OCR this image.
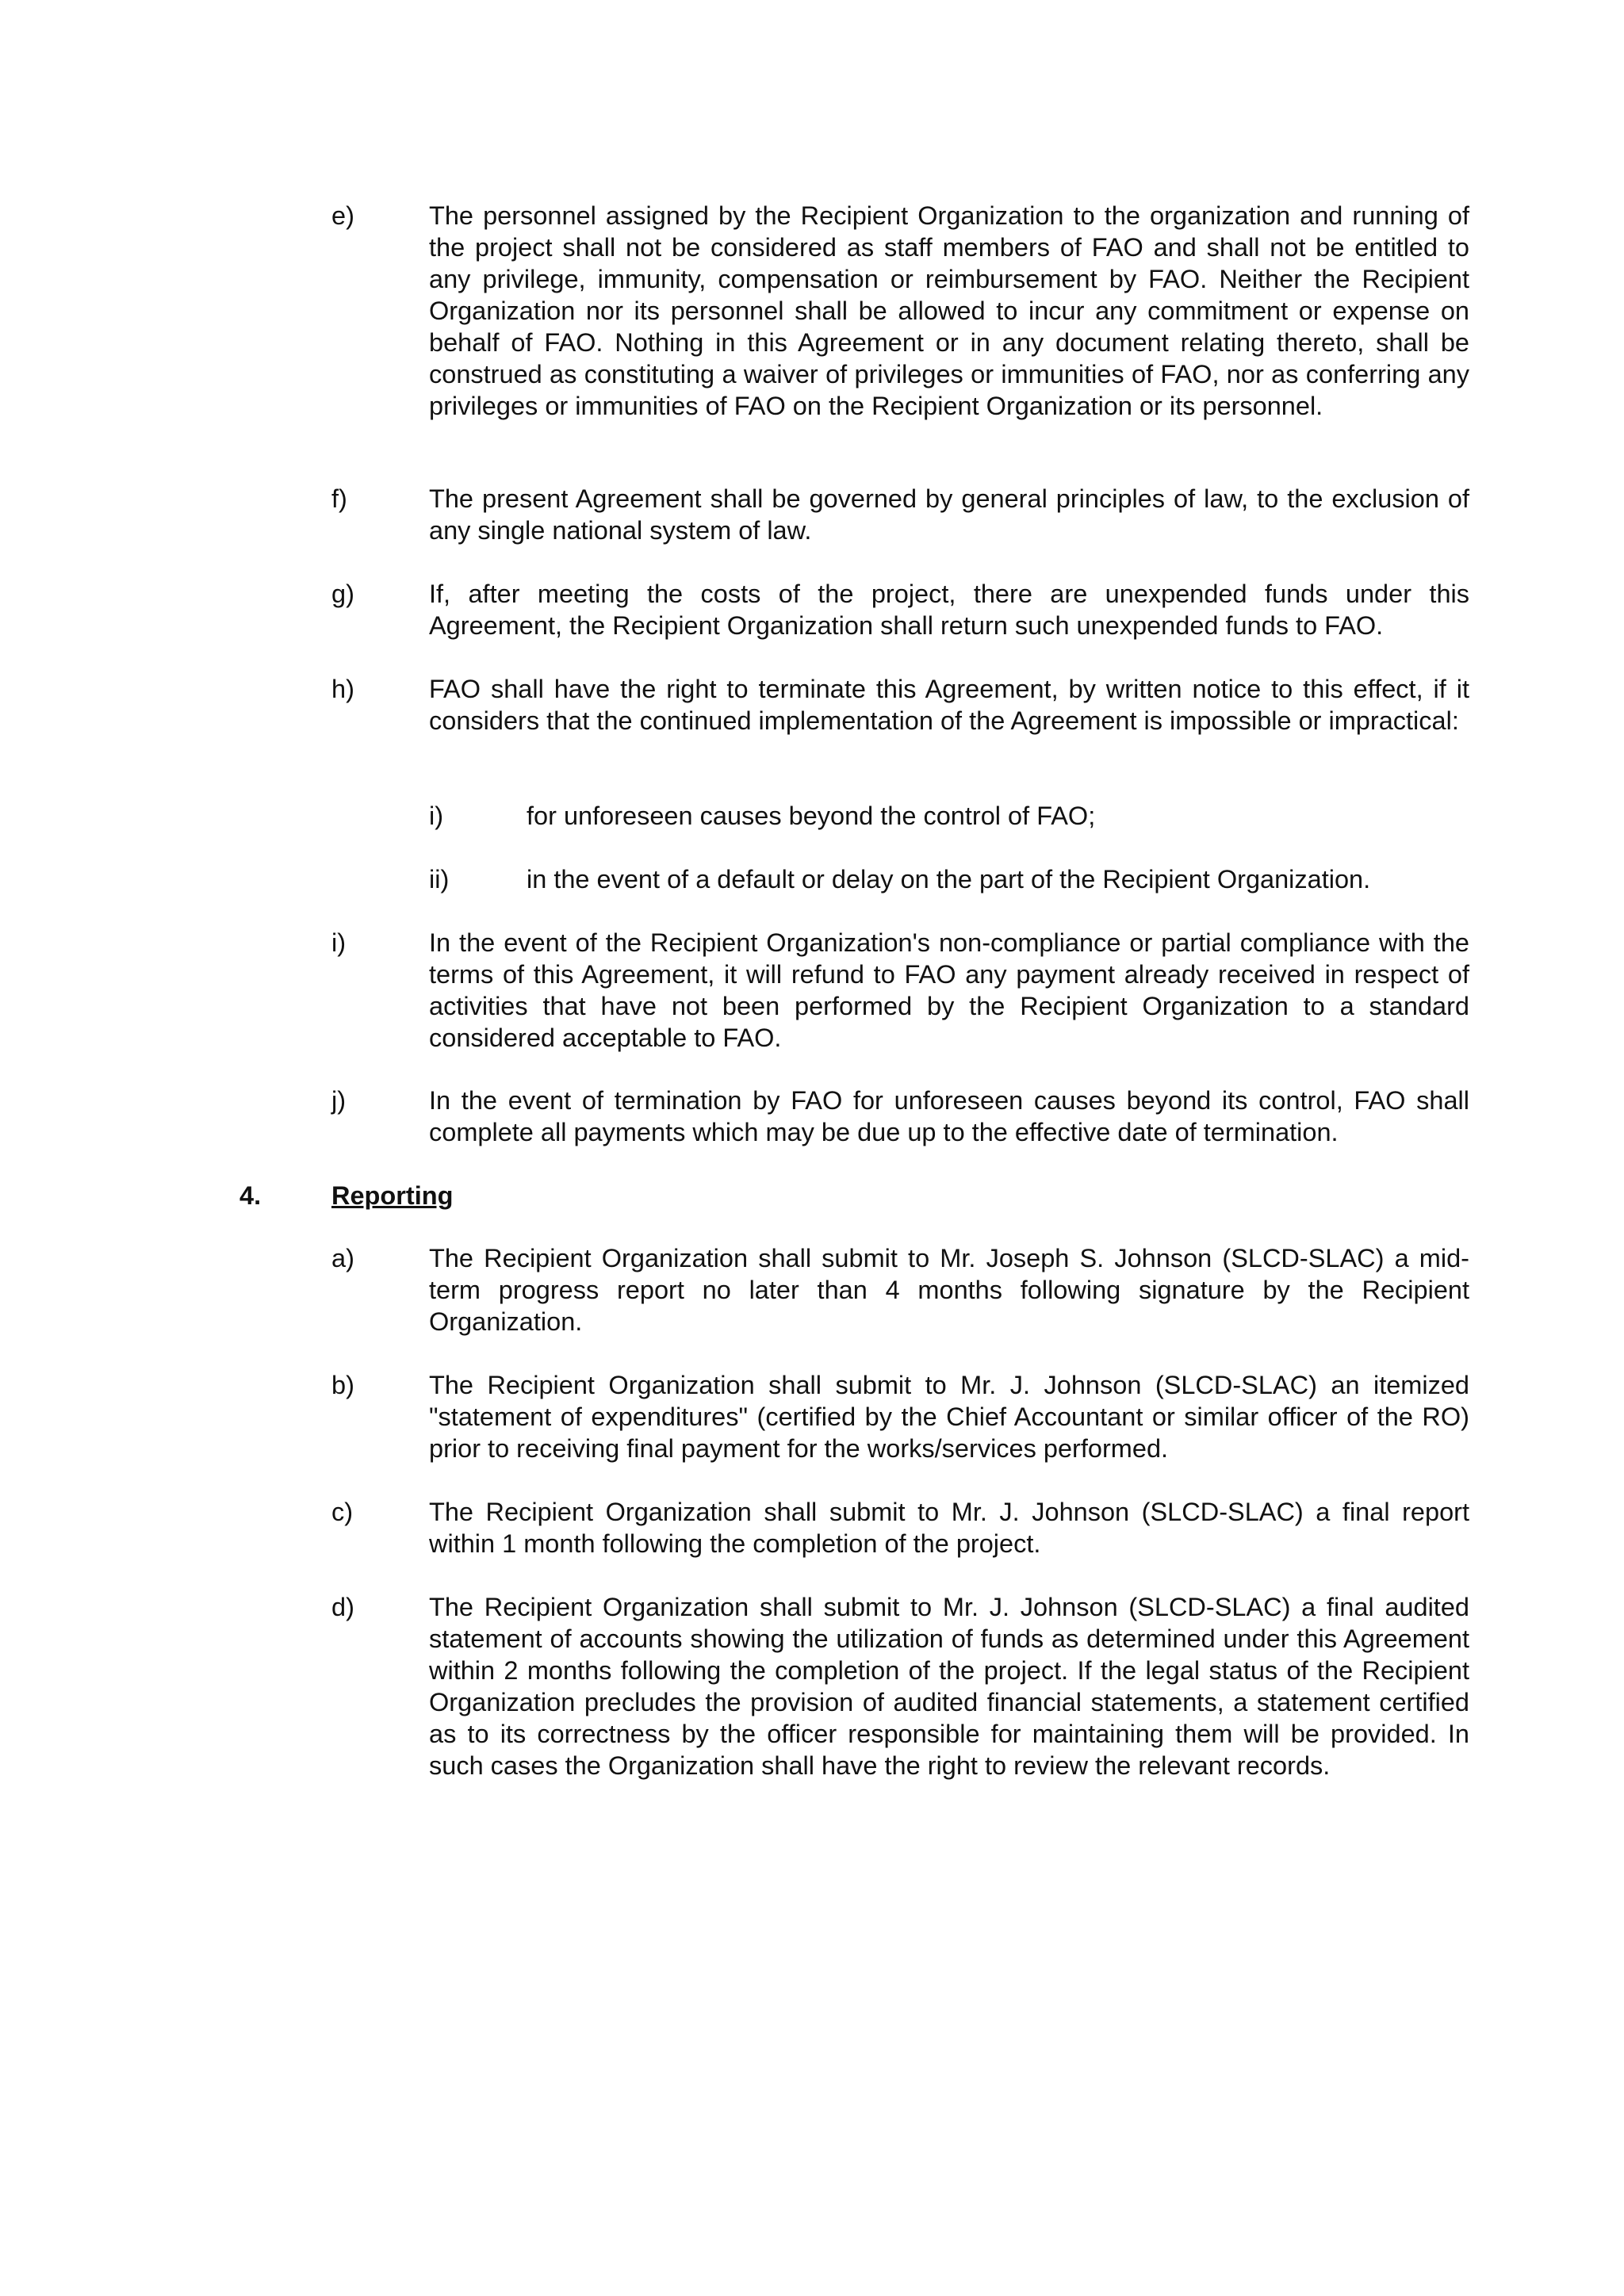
e)	The personnel assigned by the Recipient Organization to the organization and running of the project shall not be considered as staff members of FAO and shall not be entitled to any privilege, immunity, compensation or reimbursement by FAO. Neither the Recipient Organization nor its personnel shall be allowed to incur any commitment or expense on behalf of FAO. Nothing in this Agreement or in any document relating thereto, shall be construed as constituting a waiver of privileges or immunities of FAO, nor as conferring any privileges or immunities of FAO on the Recipient Organization or its personnel.

f)	The present Agreement shall be governed by general principles of law, to the exclusion of any single national system of law.

g)	If, after meeting the costs of the project, there are unexpended funds under this Agreement, the Recipient Organization shall return such unexpended funds to FAO.

h)	FAO shall have the right to terminate this Agreement, by written notice to this effect, if it considers that the continued implementation of the Agreement is impossible or impractical:

i)	for unforeseen causes beyond the control of FAO;

ii)	in the event of a default or delay on the part of the Recipient Organization.

i)	In the event of the Recipient Organization's non-compliance or partial compliance with the terms of this Agreement, it will refund to FAO any payment already received in respect of activities that have not been performed by the Recipient Organization to a standard considered acceptable to FAO.

j)	In the event of termination by FAO for unforeseen causes beyond its control, FAO shall complete all payments which may be due up to the effective date of termination.

4.	Reporting
a)	The Recipient Organization shall submit to Mr. Joseph S. Johnson (SLCD-SLAC) a mid-term progress report no later than 4 months following signature by the Recipient Organization.

b)	The Recipient Organization shall submit to Mr. J. Johnson (SLCD-SLAC) an itemized "statement of expenditures" (certified by the Chief Accountant or similar officer of the RO) prior to receiving final payment for the works/services performed.

c)	The Recipient Organization shall submit to Mr. J. Johnson (SLCD-SLAC) a final report within 1 month following the completion of the project.

d)	The Recipient Organization shall submit to Mr. J. Johnson (SLCD-SLAC) a final audited statement of accounts showing the utilization of funds as determined under this Agreement within 2 months following the completion of the project. If the legal status of the Recipient Organization precludes the provision of audited financial statements, a statement certified as to its correctness by the officer responsible for maintaining them will be provided. In such cases the Organization shall have the right to review the relevant records.
